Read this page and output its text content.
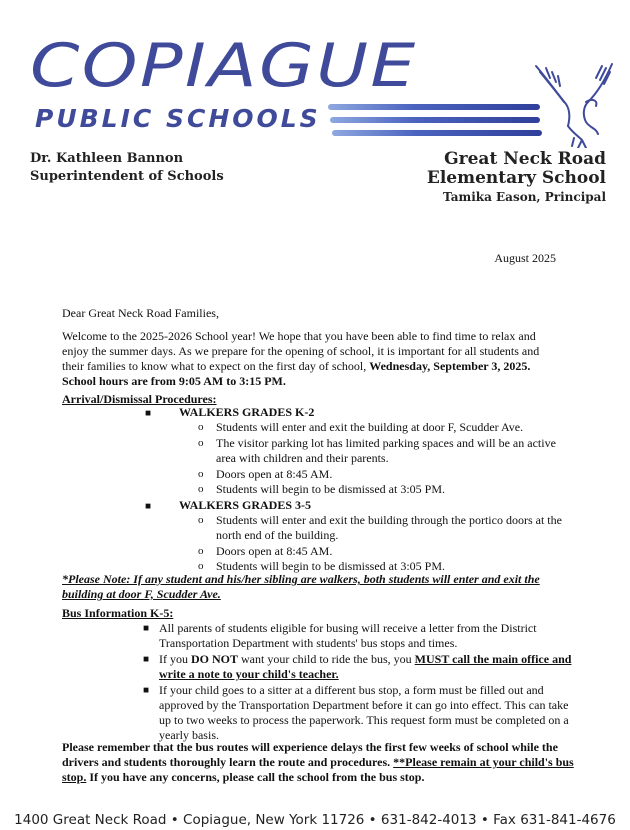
COPIAGUE
PUBLIC SCHOOLS
Dr. Kathleen Bannon
Superintendent of Schools
Great Neck Road
Elementary School
Tamika Eason, Principal
August 2025
Dear Great Neck Road Families,
Welcome to the 2025-2026 School year! We hope that you have been able to find time to relax and enjoy the summer days. As we prepare for the opening of school, it is important for all students and their families to know what to expect on the first day of school, Wednesday, September 3, 2025. School hours are from 9:05 AM to 3:15 PM.
Arrival/Dismissal Procedures:
■ WALKERS GRADES K-2
o Students will enter and exit the building at door F, Scudder Ave.
o The visitor parking lot has limited parking spaces and will be an active area with children and their parents.
o Doors open at 8:45 AM.
o Students will begin to be dismissed at 3:05 PM.
■ WALKERS GRADES 3-5
o Students will enter and exit the building through the portico doors at the north end of the building.
o Doors open at 8:45 AM.
o Students will begin to be dismissed at 3:05 PM.
*Please Note: If any student and his/her sibling are walkers, both students will enter and exit the building at door F, Scudder Ave.
Bus Information K-5:
■ All parents of students eligible for busing will receive a letter from the District Transportation Department with students' bus stops and times.
■ If you DO NOT want your child to ride the bus, you MUST call the main office and write a note to your child's teacher.
■ If your child goes to a sitter at a different bus stop, a form must be filled out and approved by the Transportation Department before it can go into effect. This can take up to two weeks to process the paperwork. This request form must be completed on a yearly basis.
Please remember that the bus routes will experience delays the first few weeks of school while the drivers and students thoroughly learn the route and procedures. **Please remain at your child's bus stop. If you have any concerns, please call the school from the bus stop.
1400 Great Neck Road • Copiague, New York 11726 • 631-842-4013 • Fax 631-841-4676
